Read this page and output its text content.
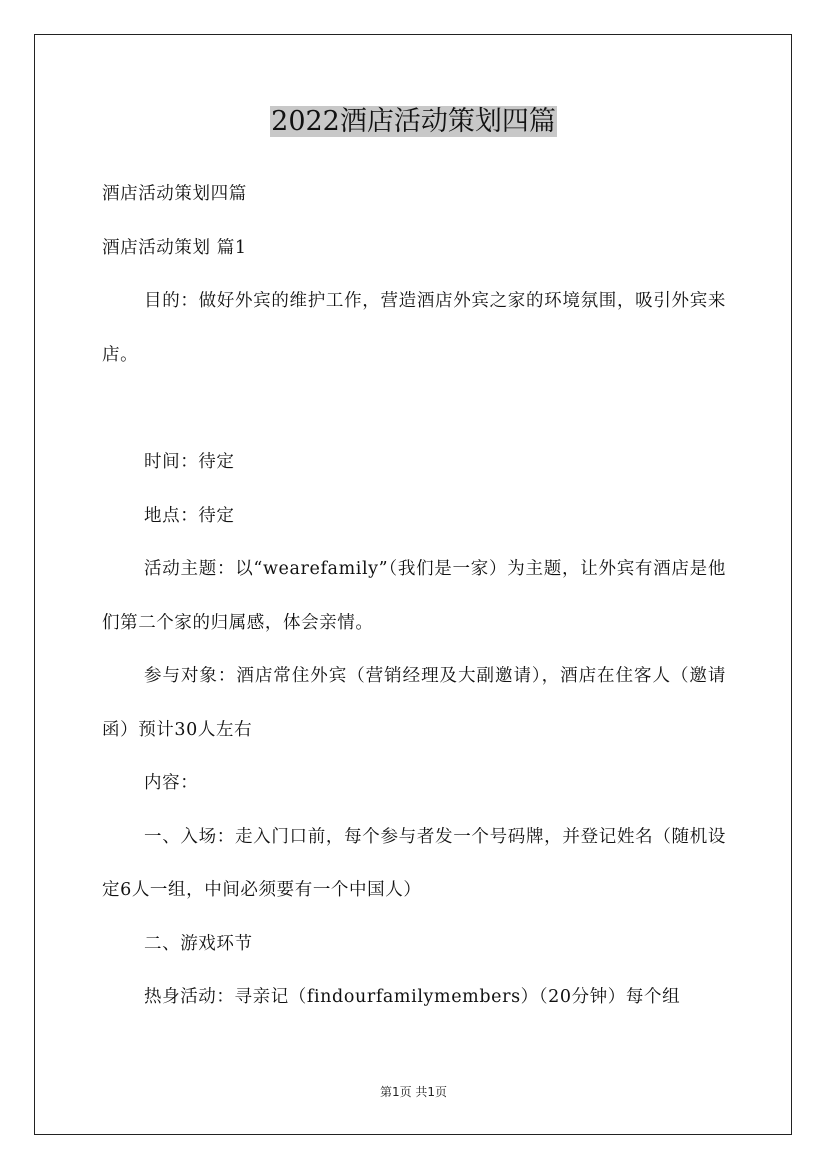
2022酒店活动策划四篇

酒店活动策划四篇

酒店活动策划 篇1

目的：做好外宾的维护工作，营造酒店外宾之家的环境氛围，吸引外宾来店。

时间：待定

地点：待定

活动主题：以“wearefamily”（我们是一家）为主题，让外宾有酒店是他们第二个家的归属感，体会亲情。

参与对象：酒店常住外宾（营销经理及大副邀请），酒店在住客人（邀请函）预计30人左右

内容：

一、入场：走入门口前，每个参与者发一个号码牌，并登记姓名（随机设定6人一组，中间必须要有一个中国人）

二、游戏环节

热身活动：寻亲记（findourfamilymembers）（20分钟）每个组

第1页 共1页
